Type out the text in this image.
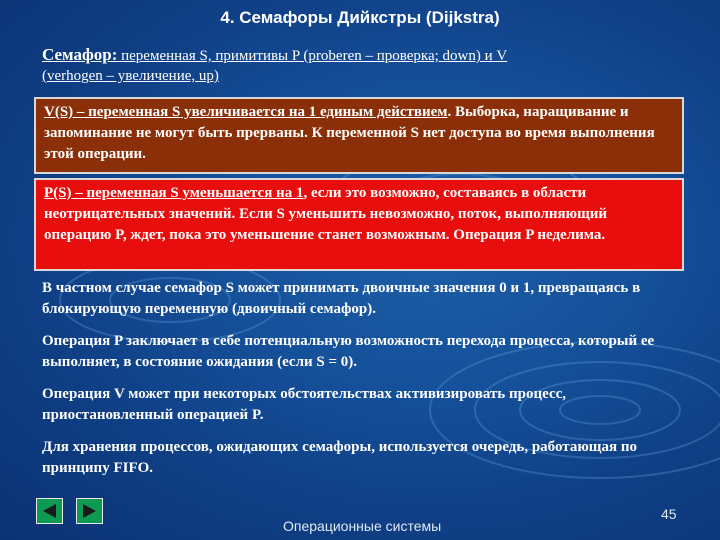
4. Семафоры Дийкстры (Dijkstra)
Семафор: переменная S, примитивы P (proberen – проверка; down) и V
(verhogen – увеличение, up)
V(S) – переменная S увеличивается на 1 единым действием. Выборка, наращивание и запоминание не могут быть прерваны. К переменной S нет доступа во время выполнения этой операции.
P(S) – переменная S уменьшается на 1, если это возможно, составаясь в области неотрицательных значений. Если S уменьшить невозможно, поток, выполняющий операцию P, ждет, пока это уменьшение станет возможным. Операция P неделима.
В частном случае семафор S может принимать двоичные значения 0 и 1, превращаясь в блокирующую переменную (двоичный семафор).
Операция P заключает в себе потенциальную возможность перехода процесса, который ее выполняет, в состояние ожидания (если S = 0).
Операция V может при некоторых обстоятельствах активизировать процесс, приостановленный операцией P.
Для хранения процессов, ожидающих семафоры, используется очередь, работающая по принципу FIFO.
Операционные системы
45
